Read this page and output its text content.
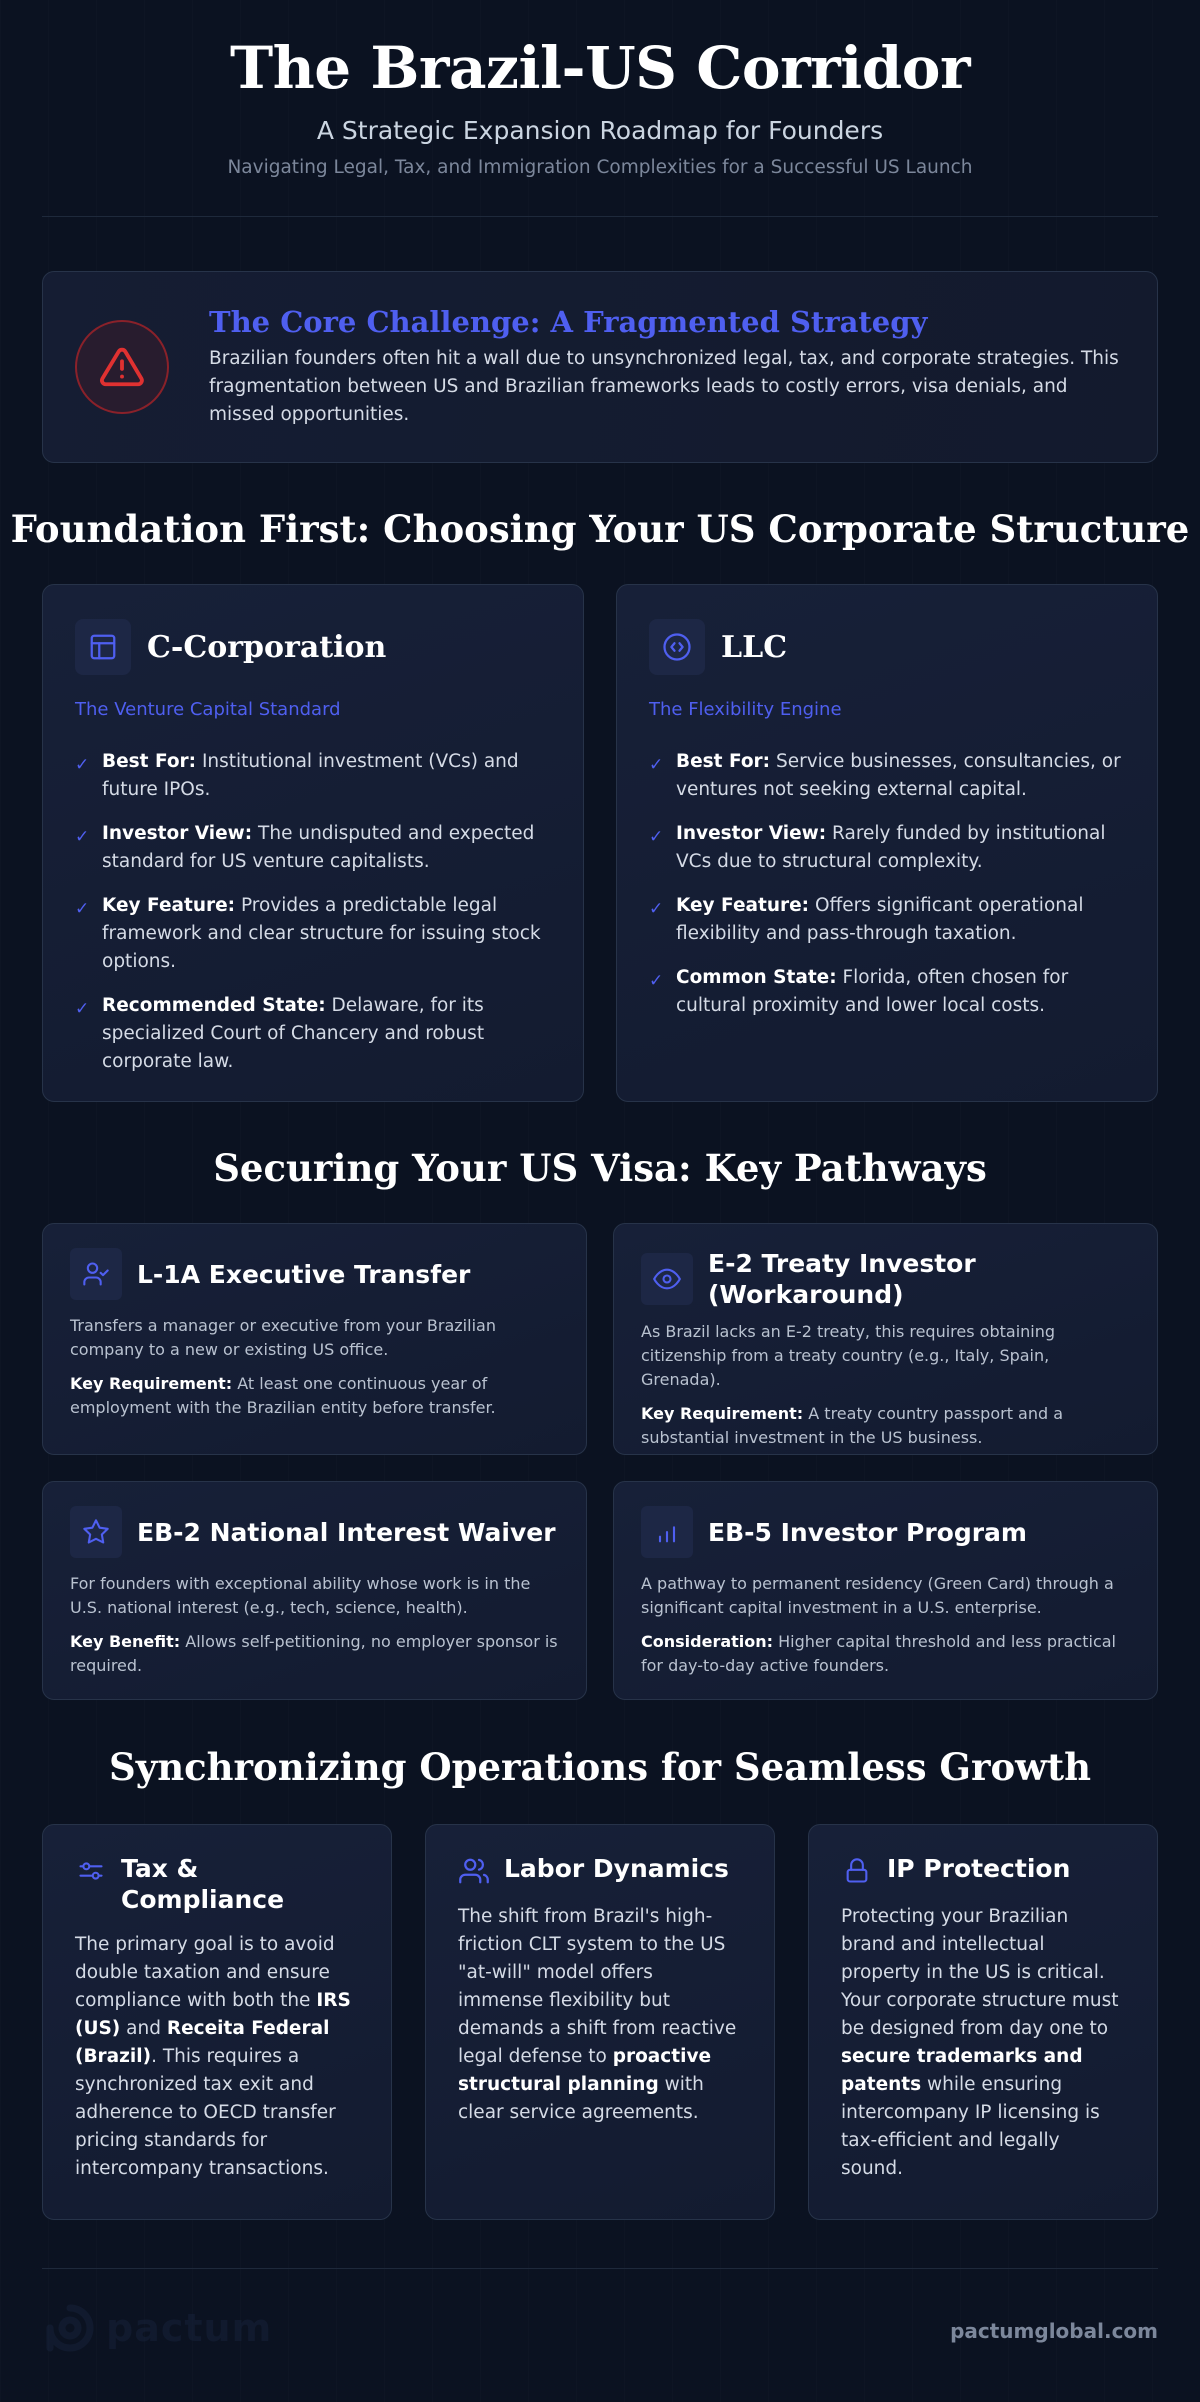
The Brazil-US Corridor
A Strategic Expansion Roadmap for Founders
Navigating Legal, Tax, and Immigration Complexities for a Successful US Launch
The Core Challenge: A Fragmented Strategy
Brazilian founders often hit a wall due to unsynchronized legal, tax, and corporate strategies. This fragmentation between US and Brazilian frameworks leads to costly errors, visa denials, and missed opportunities.
Foundation First: Choosing Your US Corporate Structure
C-Corporation
The Venture Capital Standard
✓ Best For: Institutional investment (VCs) and future IPOs.
✓ Investor View: The undisputed and expected standard for US venture capitalists.
✓ Key Feature: Provides a predictable legal framework and clear structure for issuing stock options.
✓ Recommended State: Delaware, for its specialized Court of Chancery and robust corporate law.
LLC
The Flexibility Engine
✓ Best For: Service businesses, consultancies, or ventures not seeking external capital.
✓ Investor View: Rarely funded by institutional VCs due to structural complexity.
✓ Key Feature: Offers significant operational flexibility and pass-through taxation.
✓ Common State: Florida, often chosen for cultural proximity and lower local costs.
Securing Your US Visa: Key Pathways
L-1A Executive Transfer
Transfers a manager or executive from your Brazilian company to a new or existing US office.
Key Requirement: At least one continuous year of employment with the Brazilian entity before transfer.
E-2 Treaty Investor (Workaround)
As Brazil lacks an E-2 treaty, this requires obtaining citizenship from a treaty country (e.g., Italy, Spain, Grenada).
Key Requirement: A treaty country passport and a substantial investment in the US business.
EB-2 National Interest Waiver
For founders with exceptional ability whose work is in the U.S. national interest (e.g., tech, science, health).
Key Benefit: Allows self-petitioning, no employer sponsor is required.
EB-5 Investor Program
A pathway to permanent residency (Green Card) through a significant capital investment in a U.S. enterprise.
Consideration: Higher capital threshold and less practical for day-to-day active founders.
Synchronizing Operations for Seamless Growth
Tax & Compliance
The primary goal is to avoid double taxation and ensure compliance with both the IRS (US) and Receita Federal (Brazil). This requires a synchronized tax exit and adherence to OECD transfer pricing standards for intercompany transactions.
Labor Dynamics
The shift from Brazil's high-friction CLT system to the US "at-will" model offers immense flexibility but demands a shift from reactive legal defense to proactive structural planning with clear service agreements.
IP Protection
Protecting your Brazilian brand and intellectual property in the US is critical. Your corporate structure must be designed from day one to secure trademarks and patents while ensuring intercompany IP licensing is tax-efficient and legally sound.
pactum	pactumglobal.com
